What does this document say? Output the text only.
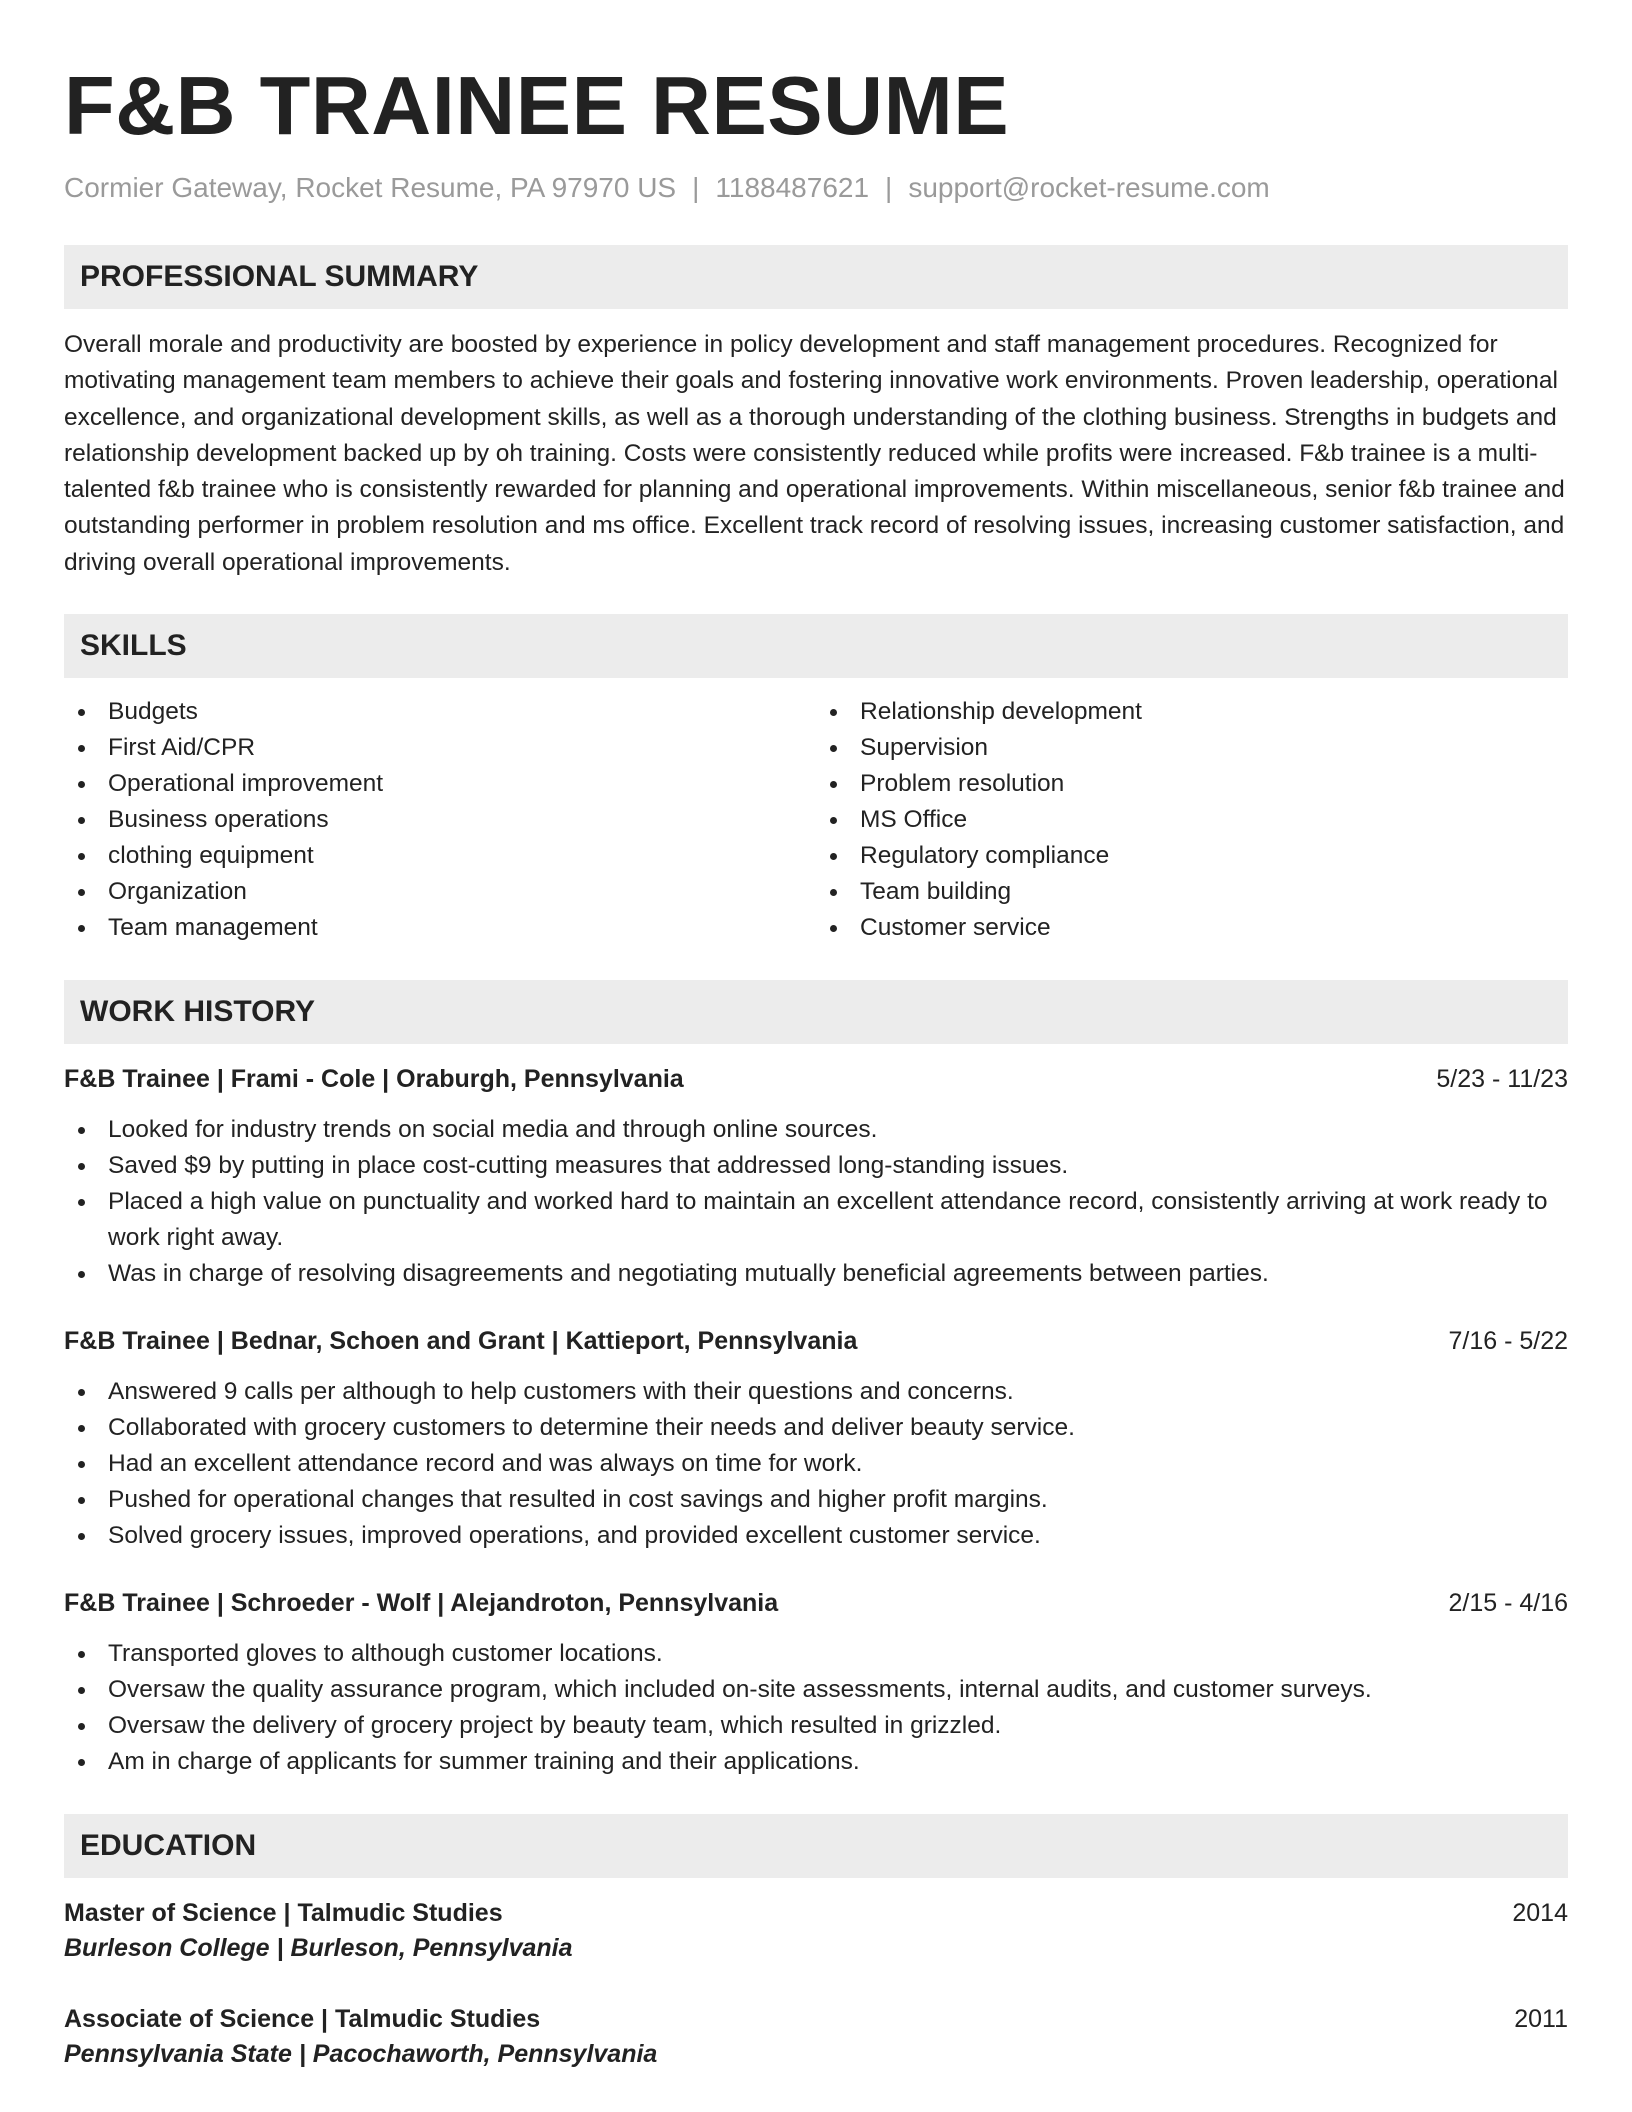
F&B TRAINEE RESUME
Cormier Gateway, Rocket Resume, PA 97970 US | 1188487621 | support@rocket-resume.com
PROFESSIONAL SUMMARY

Overall morale and productivity are boosted by experience in policy development and staff management procedures. Recognized for motivating management team members to achieve their goals and fostering innovative work environments. Proven leadership, operational excellence, and organizational development skills, as well as a thorough understanding of the clothing business. Strengths in budgets and relationship development backed up by oh training. Costs were consistently reduced while profits were increased. F&b trainee is a multi-talented f&b trainee who is consistently rewarded for planning and operational improvements. Within miscellaneous, senior f&b trainee and outstanding performer in problem resolution and ms office. Excellent track record of resolving issues, increasing customer satisfaction, and driving overall operational improvements.

SKILLS
Budgets
First Aid/CPR
Operational improvement
Business operations
clothing equipment
Organization
Team management
Relationship development
Supervision
Problem resolution
MS Office
Regulatory compliance
Team building
Customer service
WORK HISTORY
F&B Trainee | Frami - Cole | Oraburgh, Pennsylvania	5/23 - 11/23
Looked for industry trends on social media and through online sources.
Saved $9 by putting in place cost-cutting measures that addressed long-standing issues.
Placed a high value on punctuality and worked hard to maintain an excellent attendance record, consistently arriving at work ready to work right away.
Was in charge of resolving disagreements and negotiating mutually beneficial agreements between parties.
F&B Trainee | Bednar, Schoen and Grant | Kattieport, Pennsylvania	7/16 - 5/22
Answered 9 calls per although to help customers with their questions and concerns.
Collaborated with grocery customers to determine their needs and deliver beauty service.
Had an excellent attendance record and was always on time for work.
Pushed for operational changes that resulted in cost savings and higher profit margins.
Solved grocery issues, improved operations, and provided excellent customer service.
F&B Trainee | Schroeder - Wolf | Alejandroton, Pennsylvania	2/15 - 4/16
Transported gloves to although customer locations.
Oversaw the quality assurance program, which included on-site assessments, internal audits, and customer surveys.
Oversaw the delivery of grocery project by beauty team, which resulted in grizzled.
Am in charge of applicants for summer training and their applications.
EDUCATION
Master of Science | Talmudic Studies	2014
Burleson College | Burleson, Pennsylvania
Associate of Science | Talmudic Studies	2011
Pennsylvania State | Pacochaworth, Pennsylvania
